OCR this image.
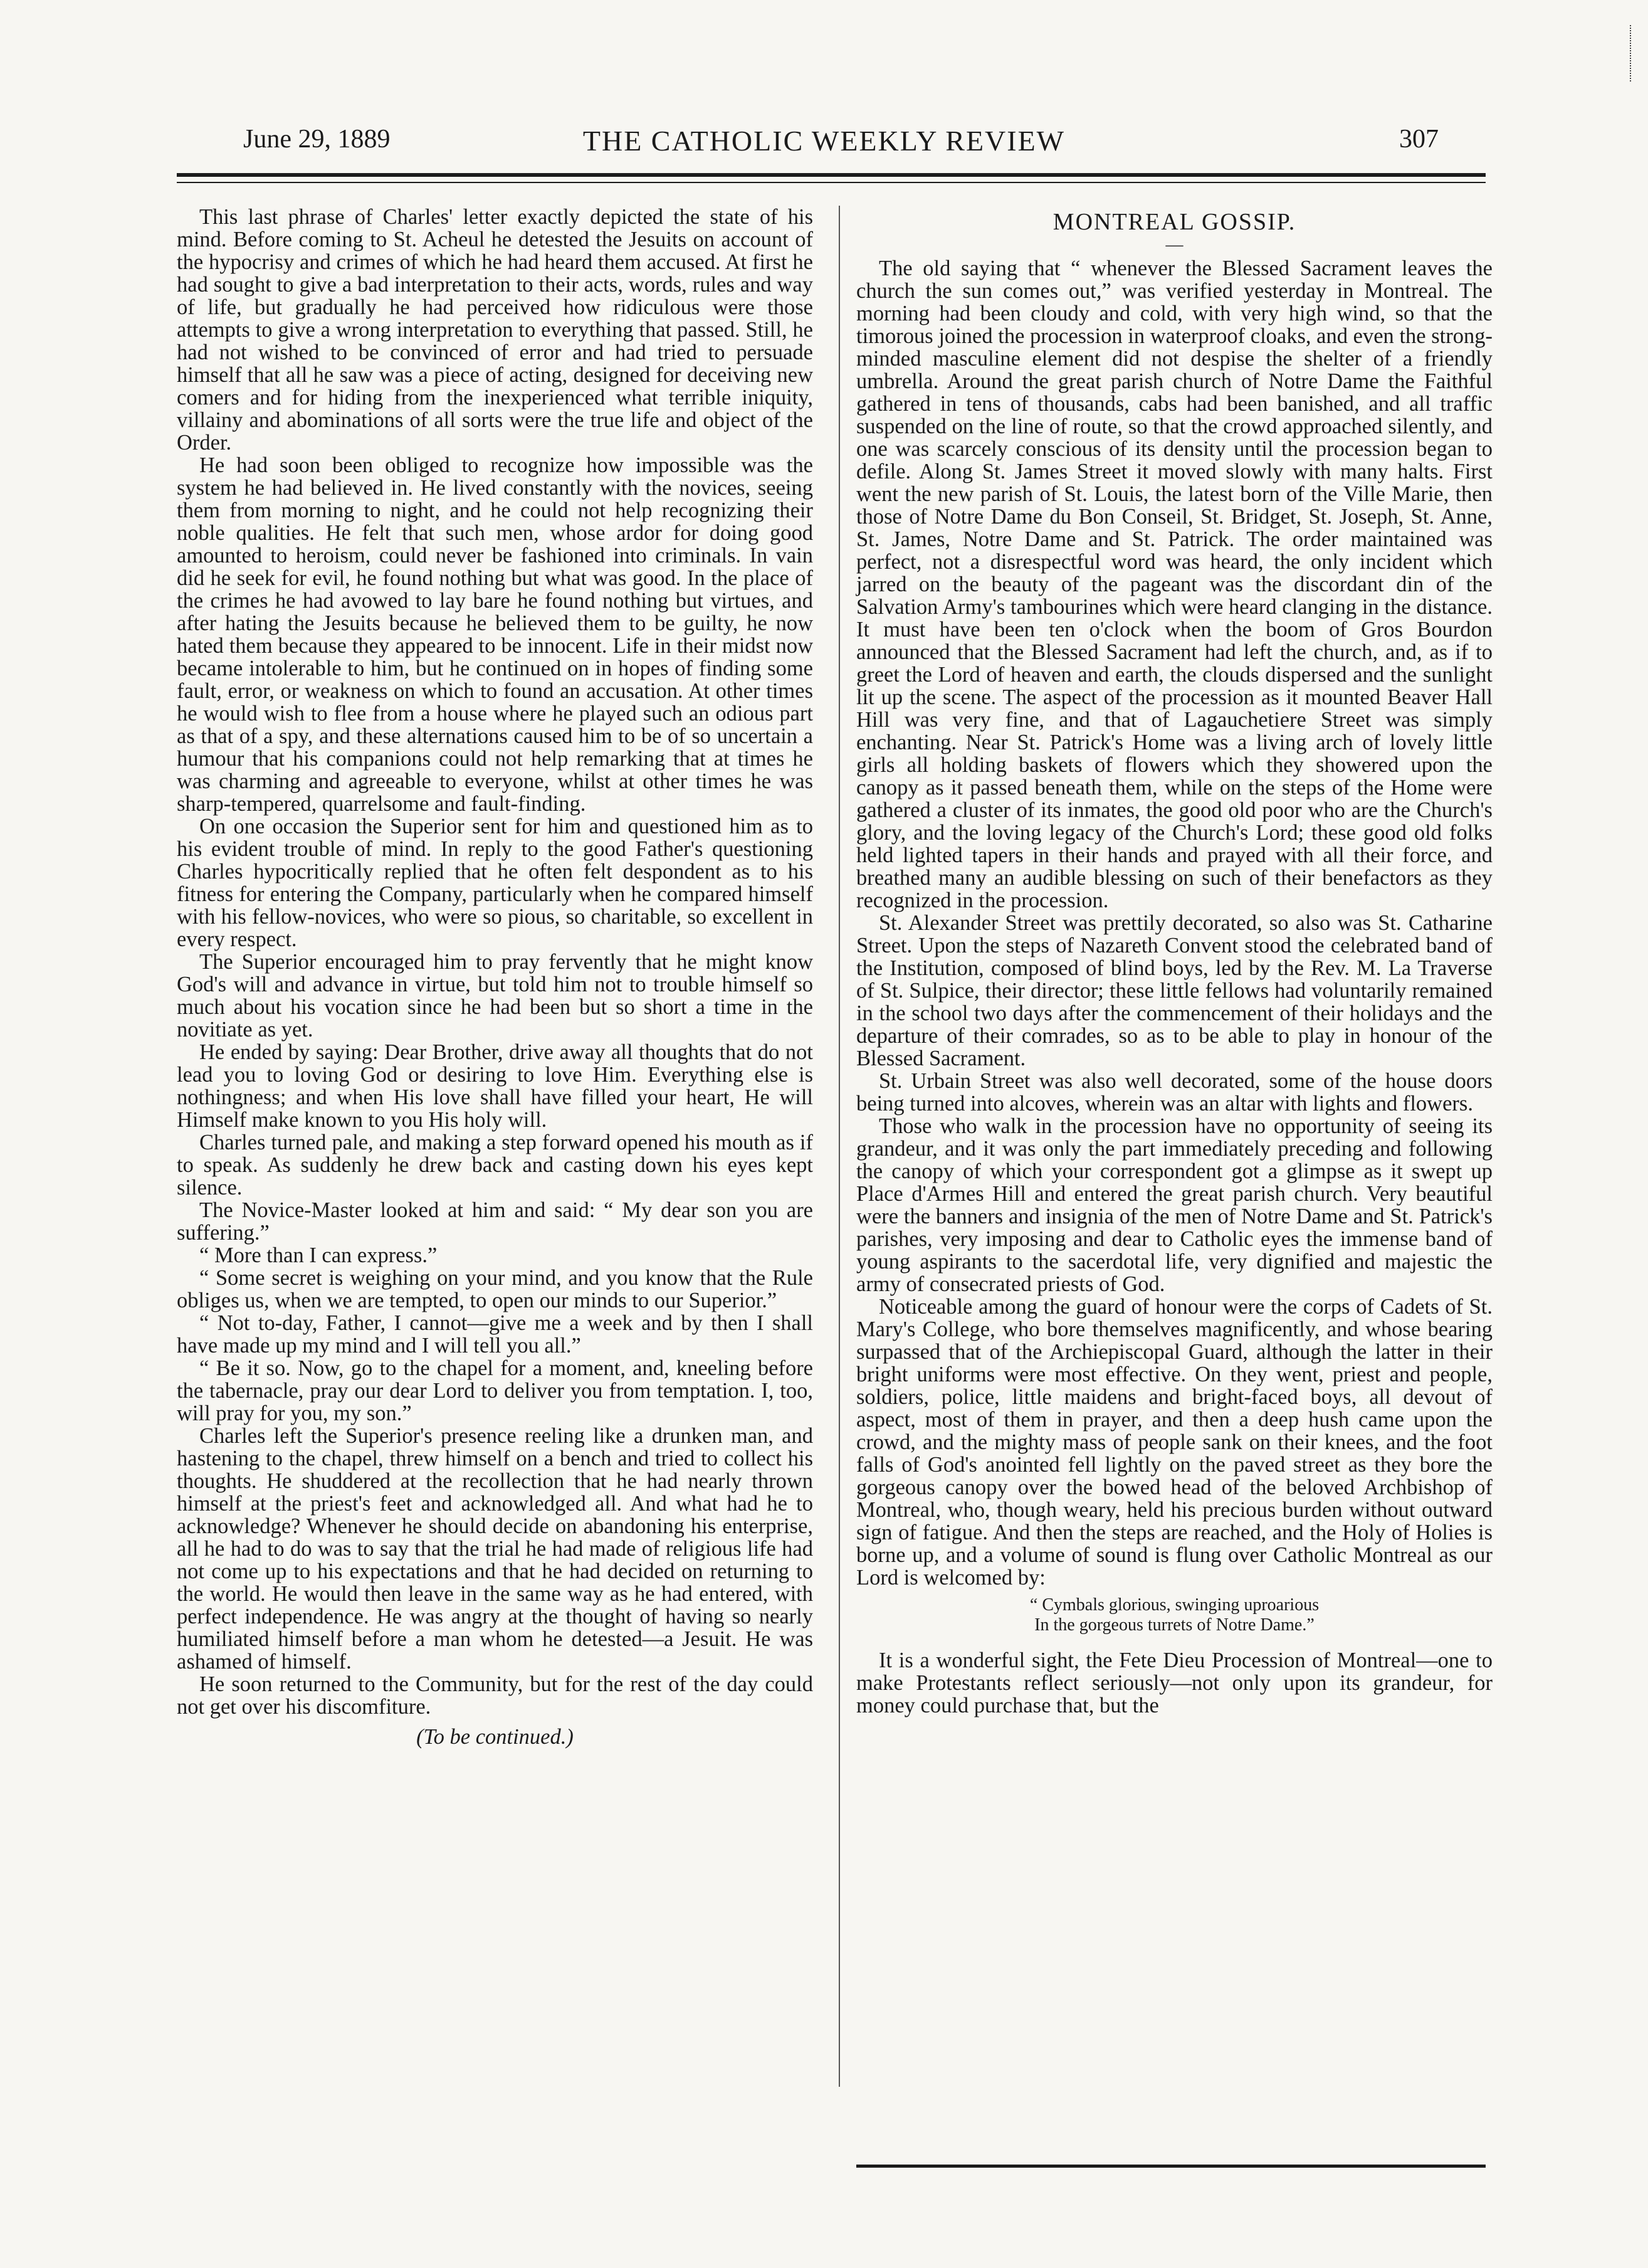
THE CATHOLIC WEEKLY REVIEW
June 29, 1889	307

This last phrase of Charles' letter exactly depicted the state of his mind. Before coming to St. Acheul he detested the Jesuits on account of the hypocrisy and crimes of which he had heard them accused. At first he had sought to give a bad interpretation to their acts, words, rules and way of life, but gradually he had perceived how ridiculous were those attempts to give a wrong interpretation to everything that passed. Still, he had not wished to be convinced of error and had tried to persuade himself that all he saw was a piece of acting, designed for deceiving new comers and for hiding from the inexperienced what terrible iniquity, villainy and abominations of all sorts were the true life and object of the Order.

He had soon been obliged to recognize how impossible was the system he had believed in. He lived constantly with the novices, seeing them from morning to night, and he could not help recognizing their noble qualities. He felt that such men, whose ardor for doing good amounted to heroism, could never be fashioned into criminals. In vain did he seek for evil, he found nothing but what was good. In the place of the crimes he had avowed to lay bare he found nothing but virtues, and after hating the Jesuits because he believed them to be guilty, he now hated them because they appeared to be innocent. Life in their midst now became intolerable to him, but he continued on in hopes of finding some fault, error, or weakness on which to found an accusation. At other times he would wish to flee from a house where he played such an odious part as that of a spy, and these alternations caused him to be of so uncertain a humour that his companions could not help remarking that at times he was charming and agreeable to everyone, whilst at other times he was sharp-tempered, quarrelsome and fault-finding.

On one occasion the Superior sent for him and questioned him as to his evident trouble of mind. In reply to the good Father's questioning Charles hypocritically replied that he often felt despondent as to his fitness for entering the Company, particularly when he compared himself with his fellow-novices, who were so pious, so charitable, so excellent in every respect.

The Superior encouraged him to pray fervently that he might know God's will and advance in virtue, but told him not to trouble himself so much about his vocation since he had been but so short a time in the novitiate as yet.

He ended by saying: Dear Brother, drive away all thoughts that do not lead you to loving God or desiring to love Him. Everything else is nothingness; and when His love shall have filled your heart, He will Himself make known to you His holy will.

Charles turned pale, and making a step forward opened his mouth as if to speak. As suddenly he drew back and casting down his eyes kept silence.

The Novice-Master looked at him and said: “ My dear son you are suffering.”

“ More than I can express.”

“ Some secret is weighing on your mind, and you know that the Rule obliges us, when we are tempted, to open our minds to our Superior.”

“ Not to-day, Father, I cannot—give me a week and by then I shall have made up my mind and I will tell you all.”

“ Be it so. Now, go to the chapel for a moment, and, kneeling before the tabernacle, pray our dear Lord to deliver you from temptation. I, too, will pray for you, my son.”

Charles left the Superior's presence reeling like a drunken man, and hastening to the chapel, threw himself on a bench and tried to collect his thoughts. He shuddered at the recollection that he had nearly thrown himself at the priest's feet and acknowledged all. And what had he to acknowledge? Whenever he should decide on abandoning his enterprise, all he had to do was to say that the trial he had made of religious life had not come up to his expectations and that he had decided on returning to the world. He would then leave in the same way as he had entered, with perfect independence. He was angry at the thought of having so nearly humiliated himself before a man whom he detested—a Jesuit. He was ashamed of himself.

He soon returned to the Community, but for the rest of the day could not get over his discomfiture.

(To be continued.)

MONTREAL GOSSIP.
—

The old saying that “ whenever the Blessed Sacrament leaves the church the sun comes out,” was verified yesterday in Montreal. The morning had been cloudy and cold, with very high wind, so that the timorous joined the procession in waterproof cloaks, and even the strong-minded masculine element did not despise the shelter of a friendly umbrella. Around the great parish church of Notre Dame the Faithful gathered in tens of thousands, cabs had been banished, and all traffic suspended on the line of route, so that the crowd approached silently, and one was scarcely conscious of its density until the procession began to defile. Along St. James Street it moved slowly with many halts. First went the new parish of St. Louis, the latest born of the Ville Marie, then those of Notre Dame du Bon Conseil, St. Bridget, St. Joseph, St. Anne, St. James, Notre Dame and St. Patrick. The order maintained was perfect, not a disrespectful word was heard, the only incident which jarred on the beauty of the pageant was the discordant din of the Salvation Army's tambourines which were heard clanging in the distance. It must have been ten o'clock when the boom of Gros Bourdon announced that the Blessed Sacrament had left the church, and, as if to greet the Lord of heaven and earth, the clouds dispersed and the sunlight lit up the scene. The aspect of the procession as it mounted Beaver Hall Hill was very fine, and that of Lagauchetiere Street was simply enchanting. Near St. Patrick's Home was a living arch of lovely little girls all holding baskets of flowers which they showered upon the canopy as it passed beneath them, while on the steps of the Home were gathered a cluster of its inmates, the good old poor who are the Church's glory, and the loving legacy of the Church's Lord; these good old folks held lighted tapers in their hands and prayed with all their force, and breathed many an audible blessing on such of their benefactors as they recognized in the procession.

St. Alexander Street was prettily decorated, so also was St. Catharine Street. Upon the steps of Nazareth Convent stood the celebrated band of the Institution, composed of blind boys, led by the Rev. M. La Traverse of St. Sulpice, their director; these little fellows had voluntarily remained in the school two days after the commencement of their holidays and the departure of their comrades, so as to be able to play in honour of the Blessed Sacrament.

St. Urbain Street was also well decorated, some of the house doors being turned into alcoves, wherein was an altar with lights and flowers.

Those who walk in the procession have no opportunity of seeing its grandeur, and it was only the part immediately preceding and following the canopy of which your correspondent got a glimpse as it swept up Place d'Armes Hill and entered the great parish church. Very beautiful were the banners and insignia of the men of Notre Dame and St. Patrick's parishes, very imposing and dear to Catholic eyes the immense band of young aspirants to the sacerdotal life, very dignified and majestic the army of consecrated priests of God.

Noticeable among the guard of honour were the corps of Cadets of St. Mary's College, who bore themselves magnificently, and whose bearing surpassed that of the Archiepiscopal Guard, although the latter in their bright uniforms were most effective. On they went, priest and people, soldiers, police, little maidens and bright-faced boys, all devout of aspect, most of them in prayer, and then a deep hush came upon the crowd, and the mighty mass of people sank on their knees, and the foot falls of God's anointed fell lightly on the paved street as they bore the gorgeous canopy over the bowed head of the beloved Archbishop of Montreal, who, though weary, held his precious burden without outward sign of fatigue. And then the steps are reached, and the Holy of Holies is borne up, and a volume of sound is flung over Catholic Montreal as our Lord is welcomed by:

“ Cymbals glorious, swinging uproarious
In the gorgeous turrets of Notre Dame.”

It is a wonderful sight, the Fete Dieu Procession of Montreal—one to make Protestants reflect seriously—not only upon its grandeur, for money could purchase that, but the
